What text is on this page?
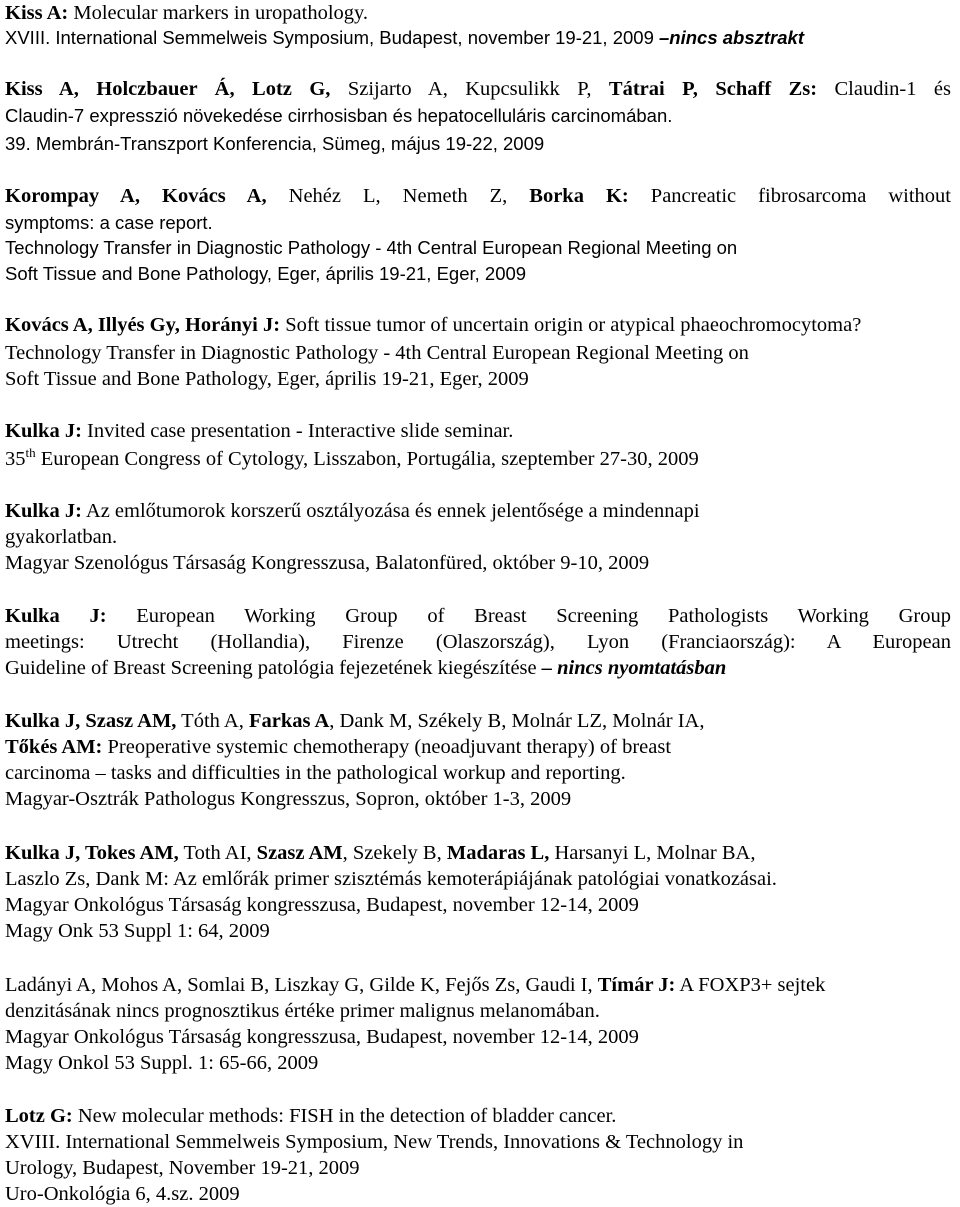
Kiss A: Molecular markers in uropathology.
XVIII. International Semmelweis Symposium, Budapest, november 19-21, 2009 –nincs absztrakt
Kiss A, Holczbauer Á, Lotz G, Szijarto A, Kupcsulikk P, Tátrai P, Schaff Zs: Claudin-1 és
Claudin-7 expresszió növekedése cirrhosisban és hepatocelluláris carcinomában.
39. Membrán-Transzport Konferencia, Sümeg, május 19-22, 2009
Korompay A, Kovács A, Nehéz L, Nemeth Z, Borka K: Pancreatic fibrosarcoma without
symptoms: a case report.
Technology Transfer in Diagnostic Pathology - 4th Central European Regional Meeting on
Soft Tissue and Bone Pathology, Eger, április 19-21, Eger, 2009
Kovács A, Illyés Gy, Horányi J: Soft tissue tumor of uncertain origin or atypical phaeochromocytoma?
Technology Transfer in Diagnostic Pathology - 4th Central European Regional Meeting on
Soft Tissue and Bone Pathology, Eger, április 19-21, Eger, 2009
Kulka J: Invited case presentation - Interactive slide seminar.
35th European Congress of Cytology, Lisszabon, Portugália, szeptember 27-30, 2009
Kulka J: Az emlőtumorok korszerű osztályozása és ennek jelentősége a mindennapi
gyakorlatban.
Magyar Szenológus Társaság Kongresszusa, Balatonfüred, október 9-10, 2009
Kulka J: European Working Group of Breast Screening Pathologists Working Group
meetings: Utrecht (Hollandia), Firenze (Olaszország), Lyon (Franciaország): A European
Guideline of Breast Screening patológia fejezetének kiegészítése – nincs nyomtatásban
Kulka J, Szasz AM, Tóth A, Farkas A, Dank M, Székely B, Molnár LZ, Molnár IA,
Tőkés AM: Preoperative systemic chemotherapy (neoadjuvant therapy) of breast
carcinoma – tasks and difficulties in the pathological workup and reporting.
Magyar-Osztrák Pathologus Kongresszus, Sopron, október 1-3, 2009
Kulka J, Tokes AM, Toth AI, Szasz AM, Szekely B, Madaras L, Harsanyi L, Molnar BA,
Laszlo Zs, Dank M: Az emlőrák primer szisztémás kemoterápiájának patológiai vonatkozásai.
Magyar Onkológus Társaság kongresszusa, Budapest, november 12-14, 2009
Magy Onk 53 Suppl 1: 64, 2009
Ladányi A, Mohos A, Somlai B, Liszkay G, Gilde K, Fejős Zs, Gaudi I, Tímár J: A FOXP3+ sejtek
denzitásának nincs prognosztikus értéke primer malignus melanomában.
Magyar Onkológus Társaság kongresszusa, Budapest, november 12-14, 2009
Magy Onkol 53 Suppl. 1: 65-66, 2009
Lotz G: New molecular methods: FISH in the detection of bladder cancer.
XVIII. International Semmelweis Symposium, New Trends, Innovations & Technology in
Urology, Budapest, November 19-21, 2009
Uro-Onkológia 6, 4.sz. 2009
